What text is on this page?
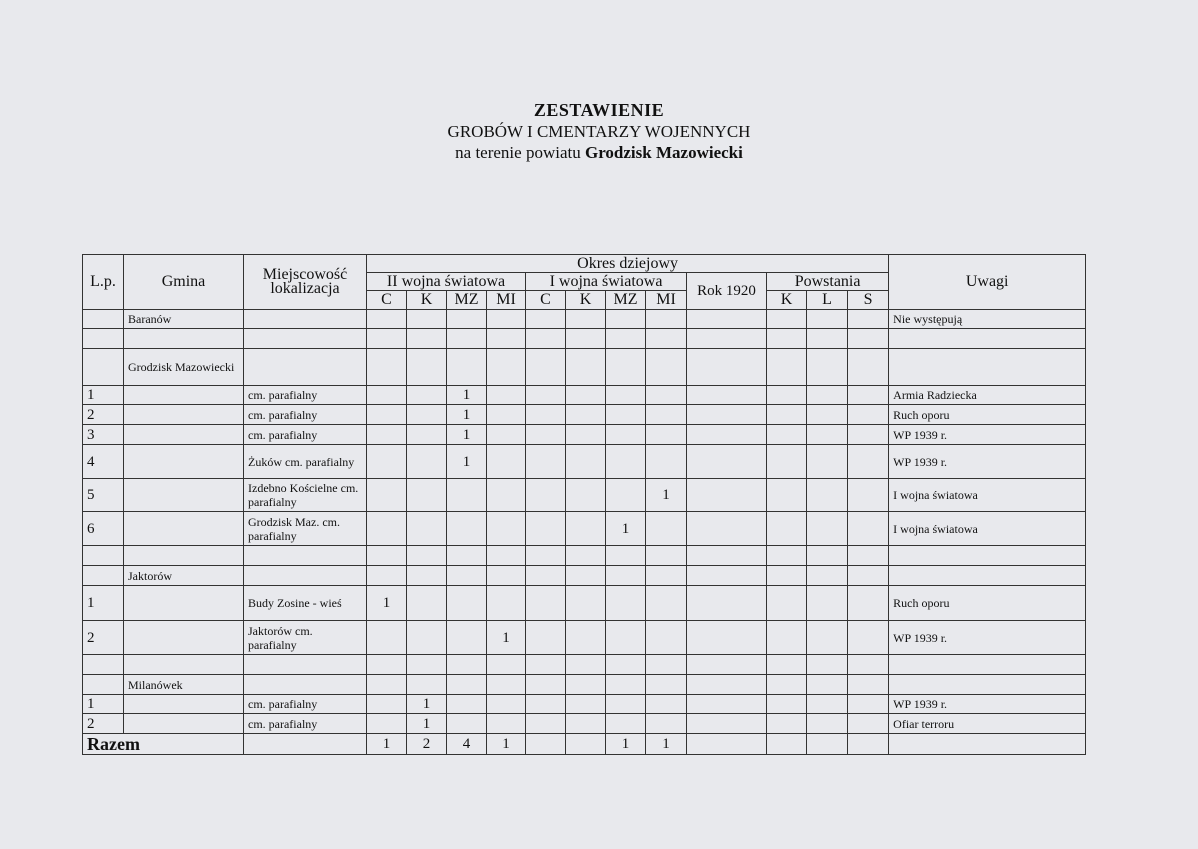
ZESTAWIENIE
GROBÓW I CMENTARZY WOJENNYCH
na terenie powiatu Grodzisk Mazowiecki
L.p.	Gmina	Miejscowość lokalizacja	Okres dziejowy												Uwagi
			II wojna światowa				I wojna światowa				Rok 1920	Powstania			
			C	K	MZ	MI	C	K	MZ	MI		K	L	S	
	Baranów														Nie występują

	Grodzisk Mazowiecki														
1		cm. parafialny			1										Armia Radziecka
2		cm. parafialny			1										Ruch oporu
3		cm. parafialny			1										WP 1939 r.
4		Żuków cm. parafialny			1										WP 1939 r.
5		Izdebno Kościelne cm. parafialny								1					I wojna światowa
6		Grodzisk Maz. cm. parafialny							1						I wojna światowa

	Jaktorów														
1		Budy Zosine - wieś	1												Ruch oporu
2		Jaktorów cm. parafialny				1									WP 1939 r.

	Milanówek														
1		cm. parafialny		1											WP 1939 r.
2		cm. parafialny		1											Ofiar terroru
Razem			1	2	4	1			1	1					
